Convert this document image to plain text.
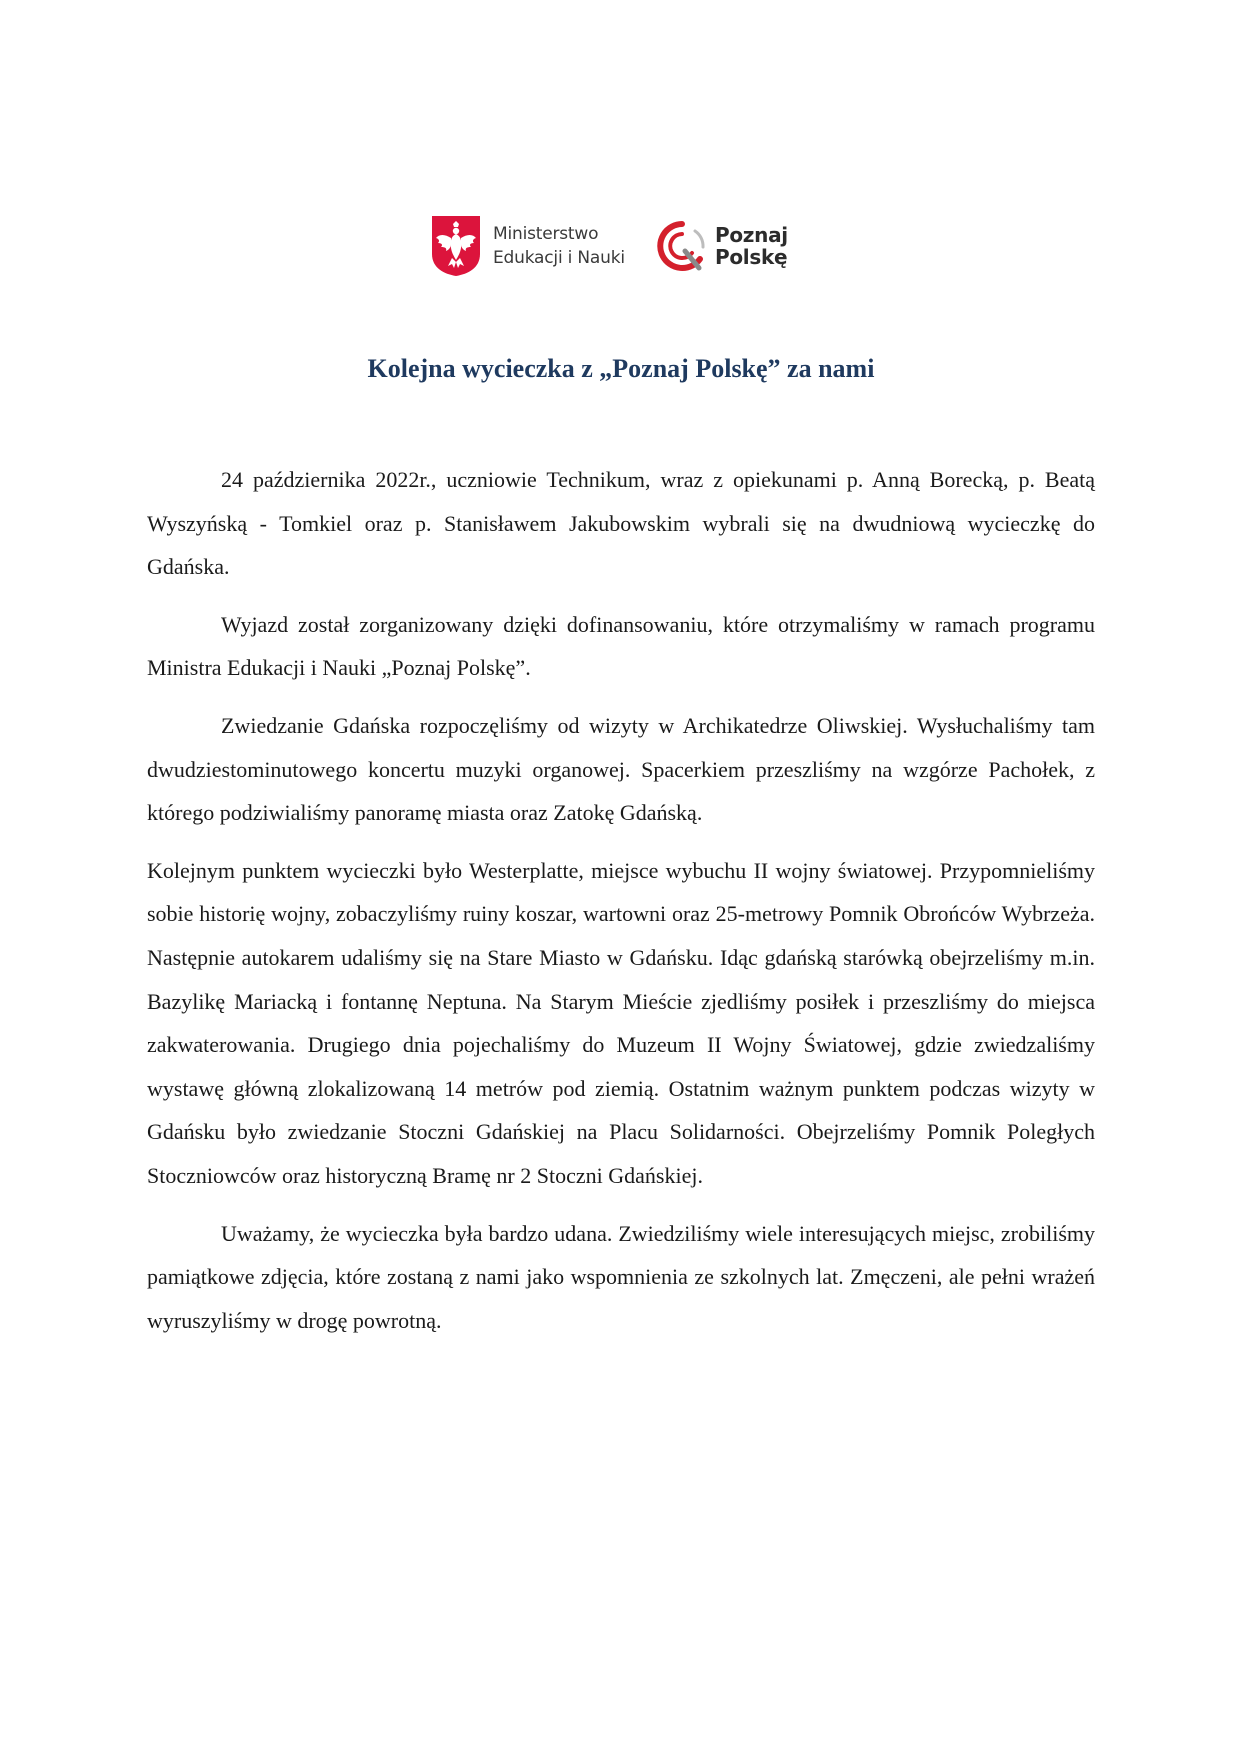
Ministerstwo
Edukacji i Nauki
Poznaj
Polskę
Kolejna wycieczka z „Poznaj Polskę” za nami

24 października 2022r., uczniowie Technikum, wraz z opiekunami p. Anną Borecką, p. Beatą Wyszyńską - Tomkiel oraz p. Stanisławem Jakubowskim wybrali się na dwudniową wycieczkę do Gdańska.

Wyjazd został zorganizowany dzięki dofinansowaniu, które otrzymaliśmy w ramach programu Ministra Edukacji i Nauki „Poznaj Polskę”.

Zwiedzanie Gdańska rozpoczęliśmy od wizyty w Archikatedrze Oliwskiej. Wysłuchaliśmy tam dwudziestominutowego koncertu muzyki organowej. Spacerkiem przeszliśmy na wzgórze Pachołek, z którego podziwialiśmy panoramę miasta oraz Zatokę Gdańską.

Kolejnym punktem wycieczki było Westerplatte, miejsce wybuchu II wojny światowej. Przypomnieliśmy sobie historię wojny, zobaczyliśmy ruiny koszar, wartowni oraz 25-metrowy Pomnik Obrońców Wybrzeża. Następnie autokarem udaliśmy się na Stare Miasto w Gdańsku. Idąc gdańską starówką obejrzeliśmy m.in. Bazylikę Mariacką i fontannę Neptuna. Na Starym Mieście zjedliśmy posiłek i przeszliśmy do miejsca zakwaterowania. Drugiego dnia pojechaliśmy do Muzeum II Wojny Światowej, gdzie zwiedzaliśmy wystawę główną zlokalizowaną 14 metrów pod ziemią. Ostatnim ważnym punktem podczas wizyty w Gdańsku było zwiedzanie Stoczni Gdańskiej na Placu Solidarności. Obejrzeliśmy Pomnik Poległych Stoczniowców oraz historyczną Bramę nr 2 Stoczni Gdańskiej.

Uważamy, że wycieczka była bardzo udana. Zwiedziliśmy wiele interesujących miejsc, zrobiliśmy pamiątkowe zdjęcia, które zostaną z nami jako wspomnienia ze szkolnych lat. Zmęczeni, ale pełni wrażeń wyruszyliśmy w drogę powrotną.
